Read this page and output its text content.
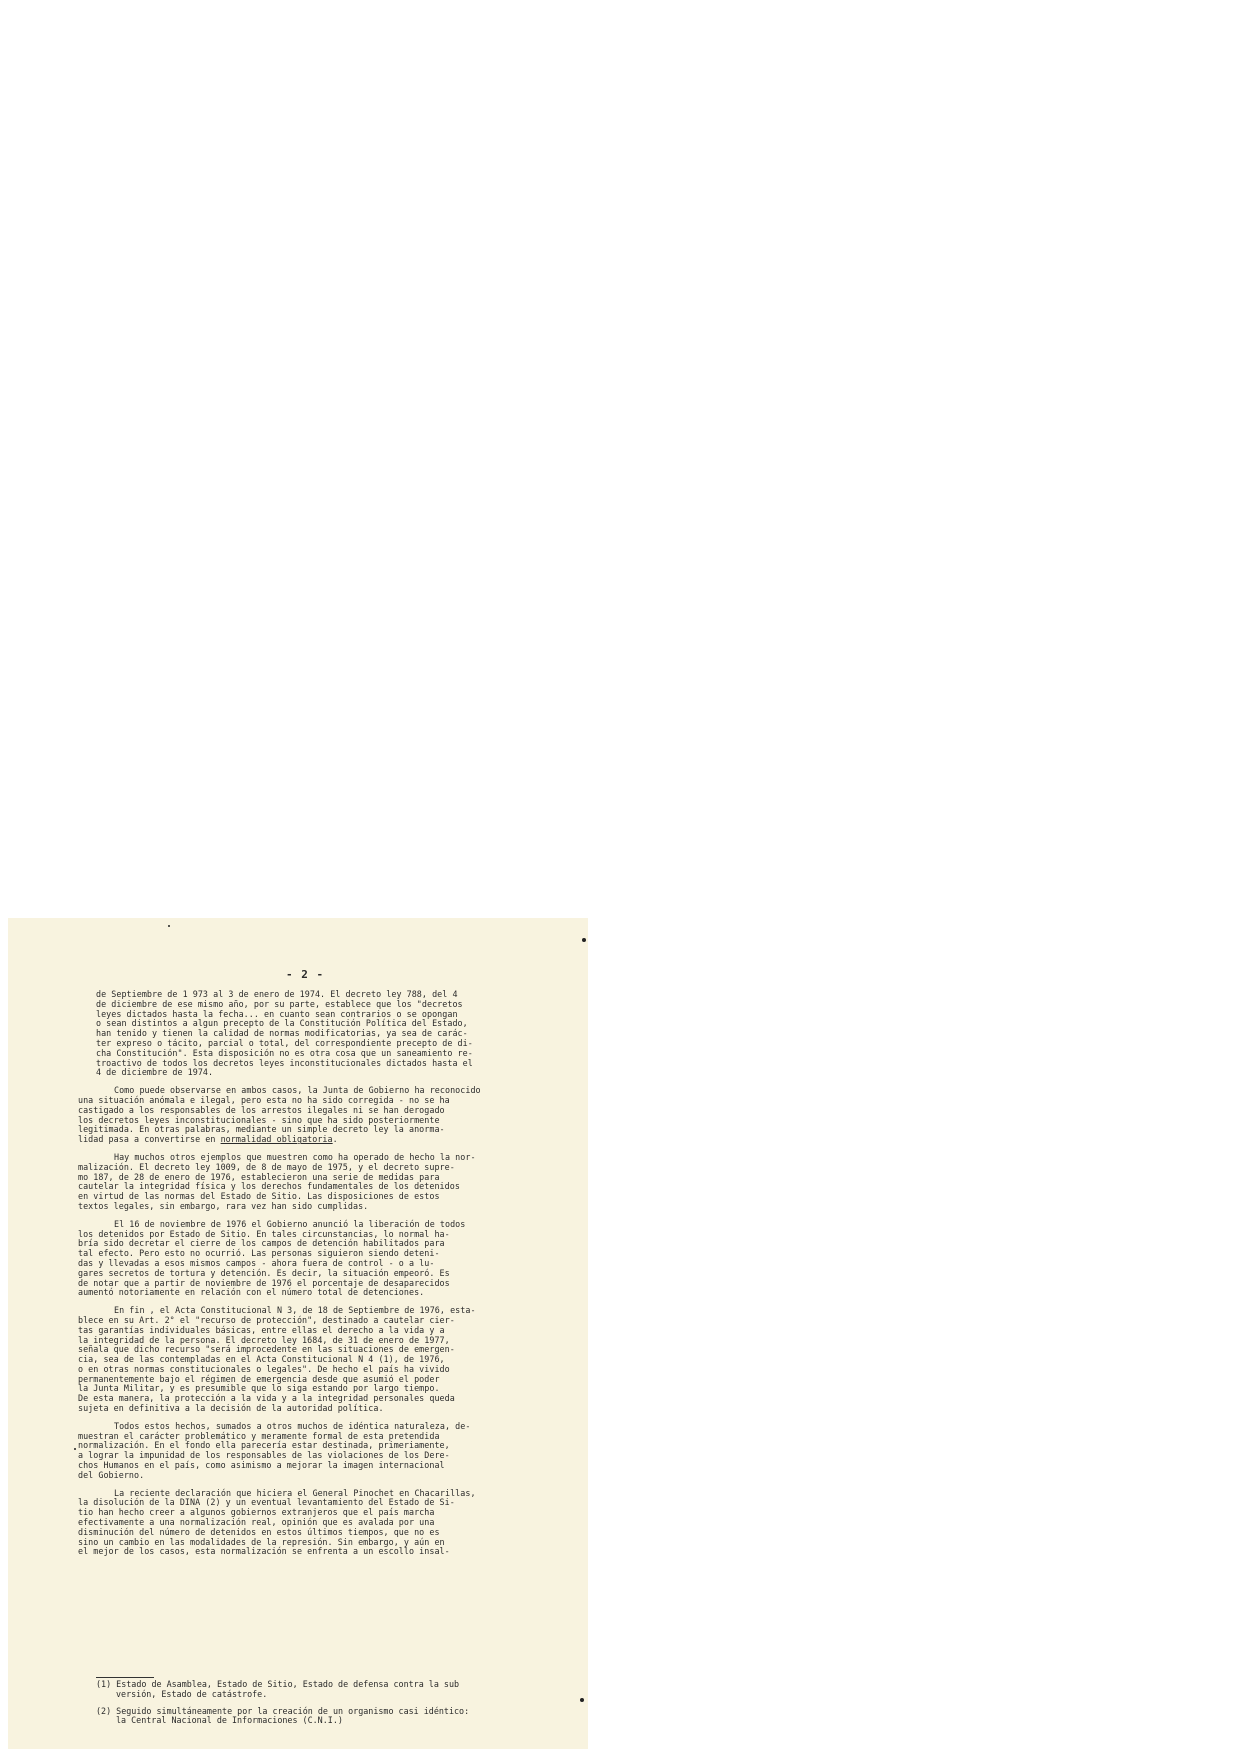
- 2 -

de Septiembre de 1 973 al 3 de enero de 1974. El decreto ley 788, del 4
de diciembre de ese mismo año, por su parte, establece que los "decretos
leyes dictados hasta la fecha... en cuanto sean contrarios o se opongan
o sean distintos a algun precepto de la Constitución Política del Estado,
han tenido y tienen la calidad de normas modificatorias, ya sea de carác-
ter expreso o tácito, parcial o total, del correspondiente precepto de di-
cha Constitución". Esta disposición no es otra cosa que un saneamiento re-
troactivo de todos los decretos leyes inconstitucionales dictados hasta el
4 de diciembre de 1974.

Como puede observarse en ambos casos, la Junta de Gobierno ha reconocido
una situación anómala e ilegal, pero esta no ha sido corregida - no se ha
castigado a los responsables de los arrestos ilegales ni se han derogado
los decretos leyes inconstitucionales - sino que ha sido posteriormente
legitimada. En otras palabras, mediante un simple decreto ley la anorma-
lidad pasa a convertirse en normalidad obligatoria.

Hay muchos otros ejemplos que muestren como ha operado de hecho la nor-
malización. El decreto ley 1009, de 8 de mayo de 1975, y el decreto supre-
mo 187, de 28 de enero de 1976, establecieron una serie de medidas para
cautelar la integridad física y los derechos fundamentales de los detenidos
en virtud de las normas del Estado de Sitio. Las disposiciones de estos
textos legales, sin embargo, rara vez han sido cumplidas.

El 16 de noviembre de 1976 el Gobierno anunció la liberación de todos
los detenidos por Estado de Sitio. En tales circunstancias, lo normal ha-
bría sido decretar el cierre de los campos de detención habilitados para
tal efecto. Pero esto no ocurrió. Las personas siguieron siendo deteni-
das y llevadas a esos mismos campos - ahora fuera de control - o a lu-
gares secretos de tortura y detención. Es decir, la situación empeoró. Es
de notar que a partir de noviembre de 1976 el porcentaje de desaparecidos
aumentó notoriamente en relación con el número total de detenciones.

En fin , el Acta Constitucional N 3, de 18 de Septiembre de 1976, esta-
blece en su Art. 2° el "recurso de protección", destinado a cautelar cier-
tas garantías individuales básicas, entre ellas el derecho a la vida y a
la integridad de la persona. El decreto ley 1684, de 31 de enero de 1977,
señala que dicho recurso "será improcedente en las situaciones de emergen-
cia, sea de las contempladas en el Acta Constitucional N 4 (1), de 1976,
o en otras normas constitucionales o legales". De hecho el país ha vivido
permanentemente bajo el régimen de emergencia desde que asumió el poder
la Junta Militar, y es presumible que lo siga estando por largo tiempo.
De esta manera, la protección a la vida y a la integridad personales queda
sujeta en definitiva a la decisión de la autoridad política.

Todos estos hechos, sumados a otros muchos de idéntica naturaleza, de-
muestran el carácter problemático y meramente formal de esta pretendida
normalización. En el fondo ella parecería estar destinada, primeriamente,
a lograr la impunidad de los responsables de las violaciones de los Dere-
chos Humanos en el país, como asimismo a mejorar la imagen internacional
del Gobierno.

La reciente declaración que hiciera el General Pinochet en Chacarillas,
la disolución de la DINA (2) y un eventual levantamiento del Estado de Si-
tio han hecho creer a algunos gobiernos extranjeros que el país marcha
efectivamente a una normalización real, opinión que es avalada por una
disminución del número de detenidos en estos últimos tiempos, que no es
sino un cambio en las modalidades de la represión. Sin embargo, y aún en
el mejor de los casos, esta normalización se enfrenta a un escollo insal-

(1) Estado de Asamblea, Estado de Sitio, Estado de defensa contra la sub
versión, Estado de catástrofe.
(2) Seguido simultáneamente por la creación de un organismo casi idéntico:
la Central Nacional de Informaciones (C.N.I.)
